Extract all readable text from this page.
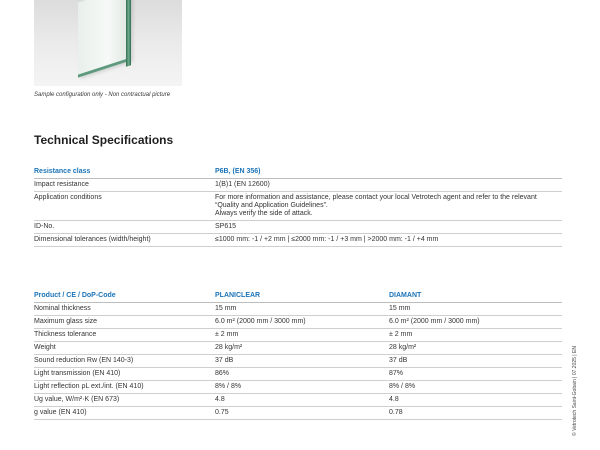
Sample configuration only - Non contractual picture
Technical Specifications
Resistance class	P6B, (EN 356)
Impact resistance	1(B)1 (EN 12600)
Application conditions	For more information and assistance, please contact your local Vetrotech agent and refer to the relevant “Quality and Application Guidelines”.
Always verify the side of attack.
ID-No.	SP615
Dimensional tolerances (width/height)	≤1000 mm: -1 / +2 mm | ≤2000 mm: -1 / +3 mm | >2000 mm: -1 / +4 mm
Product / CE / DoP-Code	PLANICLEAR	DIAMANT
Nominal thickness	15 mm	15 mm
Maximum glass size	6.0 m² (2000 mm / 3000 mm)	6.0 m² (2000 mm / 3000 mm)
Thickness tolerance	± 2 mm	± 2 mm
Weight	28 kg/m²	28 kg/m²
Sound reduction Rw (EN 140-3)	37 dB	37 dB
Light transmission (EN 410)	86%	87%
Light reflection ρL ext./int. (EN 410)	8% / 8%	8% / 8%
Ug value, W/m²·K (EN 673)	4.8	4.8
g value (EN 410)	0.75	0.78	© Vetrotech Saint-Gobain | 07.2025 | EN
